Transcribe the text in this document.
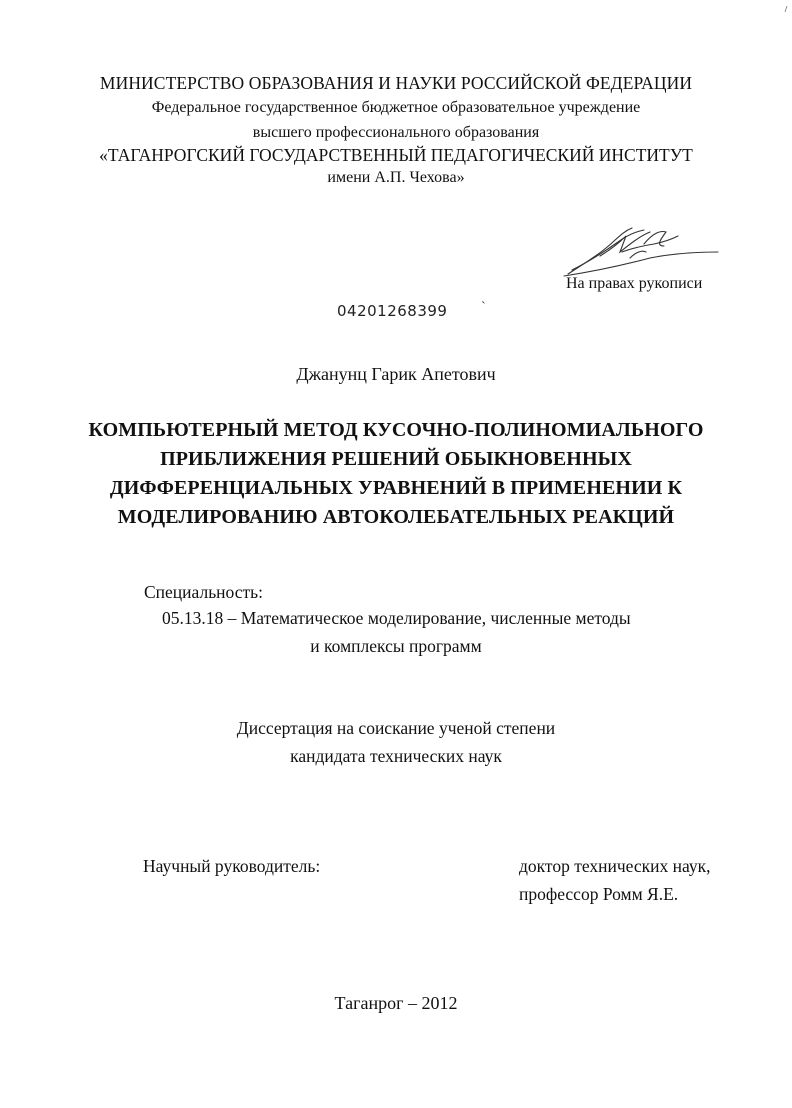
МИНИСТЕРСТВО ОБРАЗОВАНИЯ И НАУКИ РОССИЙСКОЙ ФЕДЕРАЦИИ
Федеральное государственное бюджетное образовательное учреждение
высшего профессионального образования
«ТАГАНРОГСКИЙ ГОСУДАРСТВЕННЫЙ ПЕДАГОГИЧЕСКИЙ ИНСТИТУТ
имени А.П. Чехова»
На правах рукописи
04201268399 `
Джанунц Гарик Апетович
КОМПЬЮТЕРНЫЙ МЕТОД КУСОЧНО-ПОЛИНОМИАЛЬНОГО
ПРИБЛИЖЕНИЯ РЕШЕНИЙ ОБЫКНОВЕННЫХ
ДИФФЕРЕНЦИАЛЬНЫХ УРАВНЕНИЙ В ПРИМЕНЕНИИ К
МОДЕЛИРОВАНИЮ АВТОКОЛЕБАТЕЛЬНЫХ РЕАКЦИЙ
Специальность:
05.13.18 – Математическое моделирование, численные методы
и комплексы программ
Диссертация на соискание ученой степени
кандидата технических наук
Научный руководитель:	доктор технических наук,
профессор Ромм Я.Е.
Таганрог – 2012
